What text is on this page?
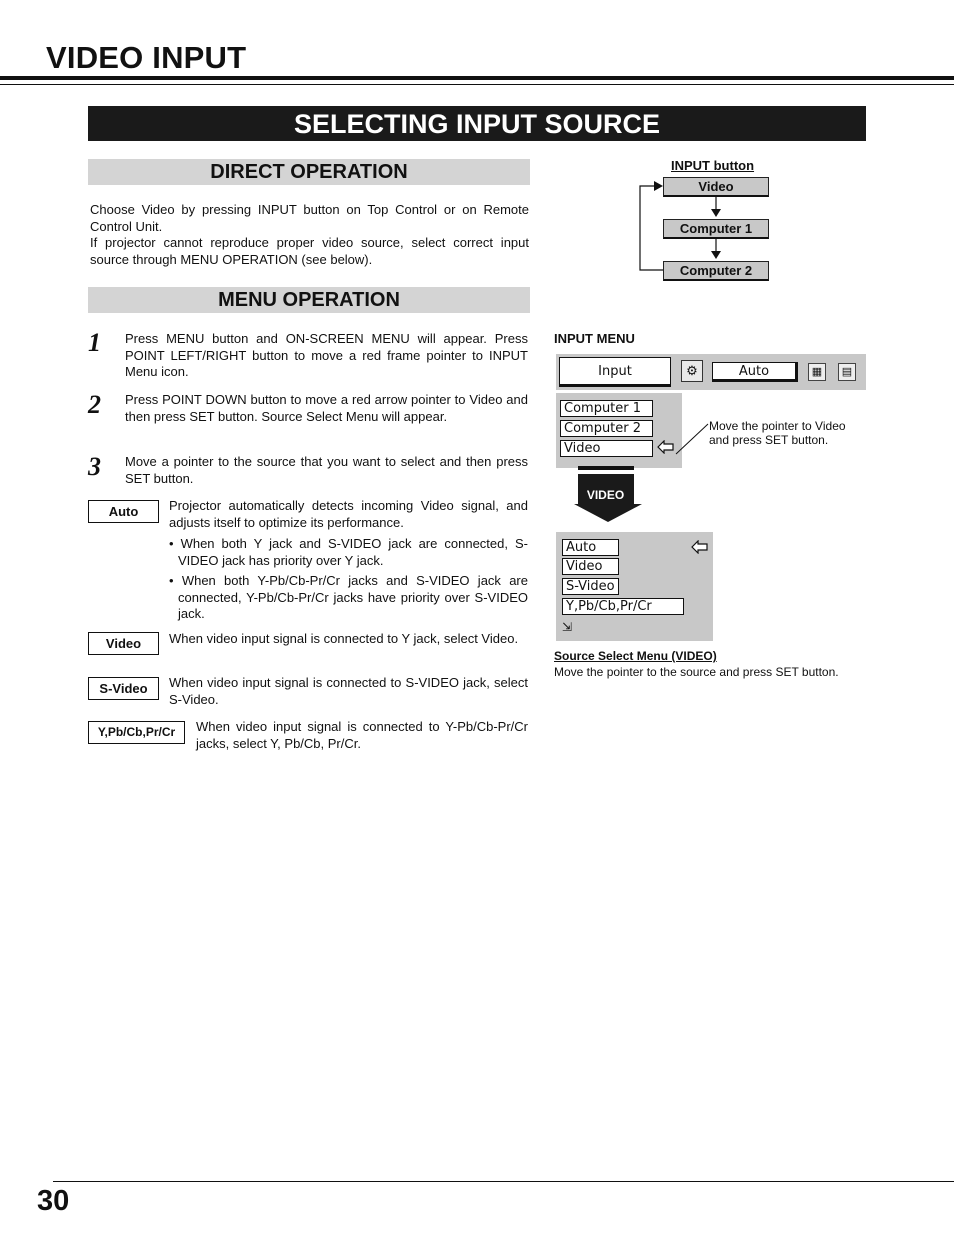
VIDEO INPUT
SELECTING INPUT SOURCE
DIRECT OPERATION
Choose Video by pressing INPUT button on Top Control or on Remote Control Unit.
If projector cannot reproduce proper video source, select correct input source through MENU OPERATION (see below).
INPUT button
Video
Computer 1
Computer 2
MENU OPERATION
1 Press MENU button and ON-SCREEN MENU will appear. Press POINT LEFT/RIGHT button to move a red frame pointer to INPUT Menu icon.
2 Press POINT DOWN button to move a red arrow pointer to Video and then press SET button. Source Select Menu will appear.
3 Move a pointer to the source that you want to select and then press SET button.
Auto	Projector automatically detects incoming Video signal, and adjusts itself to optimize its performance.
• When both Y jack and S-VIDEO jack are connected, S-VIDEO jack has priority over Y jack.
• When both Y-Pb/Cb-Pr/Cr jacks and S-VIDEO jack are connected, Y-Pb/Cb-Pr/Cr jacks have priority over S-VIDEO jack.
Video	When video input signal is connected to Y jack, select Video.
S-Video	When video input signal is connected to S-VIDEO jack, select S-Video.
Y,Pb/Cb,Pr/Cr	When video input signal is connected to Y-Pb/Cb-Pr/Cr jacks, select Y, Pb/Cb, Pr/Cr.
INPUT MENU
Input	⚙	Auto	▦	▤
Computer 1
Computer 2
Video
Move the pointer to Video and press SET button.
VIDEO
Auto
Video
S-Video
Y,Pb/Cb,Pr/Cr
⇲
Source Select Menu (VIDEO)
Move the pointer to the source and press SET button.
30
